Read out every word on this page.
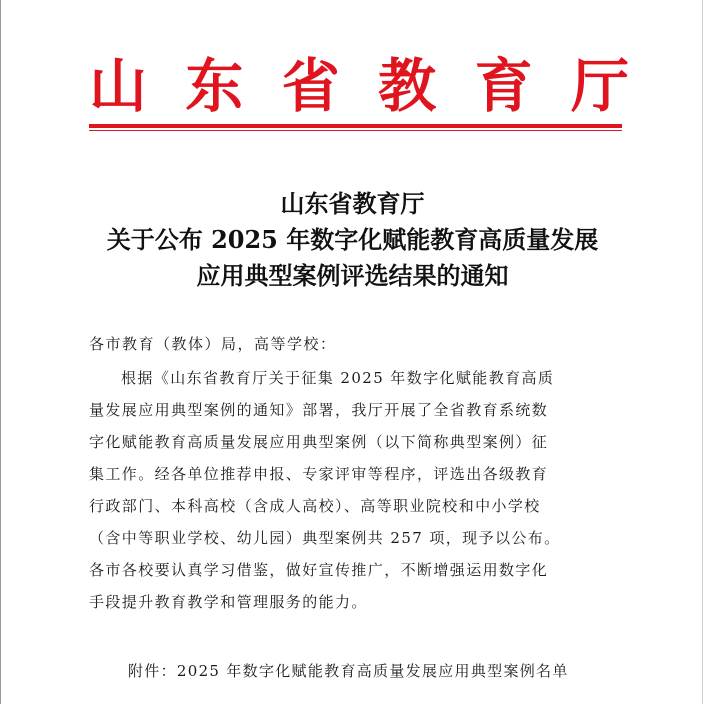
山 东 省 教 育 厅
山东省教育厅
关于公布 2025 年数字化赋能教育高质量发展
应用典型案例评选结果的通知
各市教育（教体）局，高等学校：
根据《山东省教育厅关于征集 2025 年数字化赋能教育高质
量发展应用典型案例的通知》部署，我厅开展了全省教育系统数
字化赋能教育高质量发展应用典型案例（以下简称典型案例）征
集工作。经各单位推荐申报、专家评审等程序，评选出各级教育
行政部门、本科高校（含成人高校）、高等职业院校和中小学校
（含中等职业学校、幼儿园）典型案例共 257 项，现予以公布。
各市各校要认真学习借鉴，做好宣传推广，不断增强运用数字化
手段提升教育教学和管理服务的能力。
附件：2025 年数字化赋能教育高质量发展应用典型案例名单
